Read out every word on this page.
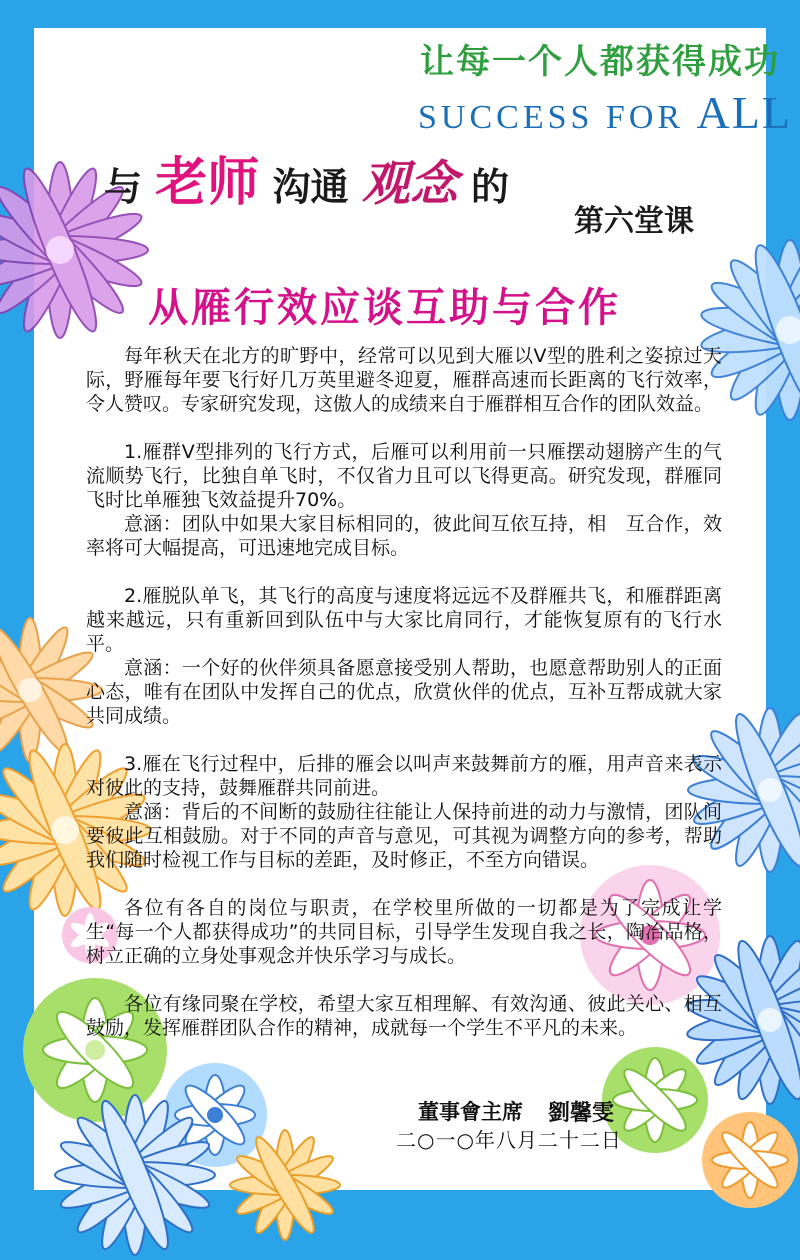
让每一个人都获得成功
SUCCESS FOR ALL
与 老师 沟通 观念 的
第六堂课
从雁行效应谈互助与合作

每年秋天在北方的旷野中，经常可以见到大雁以V型的胜利之姿掠过天际，野雁每年要飞行好几万英里避冬迎夏，雁群高速而长距离的飞行效率，令人赞叹。专家研究发现，这傲人的成绩来自于雁群相互合作的团队效益。

1.雁群V型排列的飞行方式，后雁可以利用前一只雁摆动翅膀产生的气流顺势飞行，比独自单飞时，不仅省力且可以飞得更高。研究发现，群雁同飞时比单雁独飞效益提升70%。

意涵：团队中如果大家目标相同的，彼此间互依互持，相　互合作，效率将可大幅提高，可迅速地完成目标。

2.雁脱队单飞，其飞行的高度与速度将远远不及群雁共飞，和雁群距离越来越远，只有重新回到队伍中与大家比肩同行，才能恢复原有的飞行水平。

意涵：一个好的伙伴须具备愿意接受别人帮助，也愿意帮助别人的正面心态，唯有在团队中发挥自己的优点，欣赏伙伴的优点，互补互帮成就大家共同成绩。

3.雁在飞行过程中，后排的雁会以叫声来鼓舞前方的雁，用声音来表示对彼此的支持，鼓舞雁群共同前进。

意涵：背后的不间断的鼓励往往能让人保持前进的动力与激情，团队间要彼此互相鼓励。对于不同的声音与意见，可其视为调整方向的参考，帮助我们随时检视工作与目标的差距，及时修正，不至方向错误。

各位有各自的岗位与职责，在学校里所做的一切都是为了完成让学生“每一个人都获得成功”的共同目标，引导学生发现自我之长，陶冶品格，树立正确的立身处事观念并快乐学习与成长。

各位有缘同聚在学校，希望大家互相理解、有效沟通、彼此关心、相互鼓励，发挥雁群团队合作的精神，成就每一个学生不平凡的未来。

董事會主席 劉馨雯
二○一○年八月二十二日
